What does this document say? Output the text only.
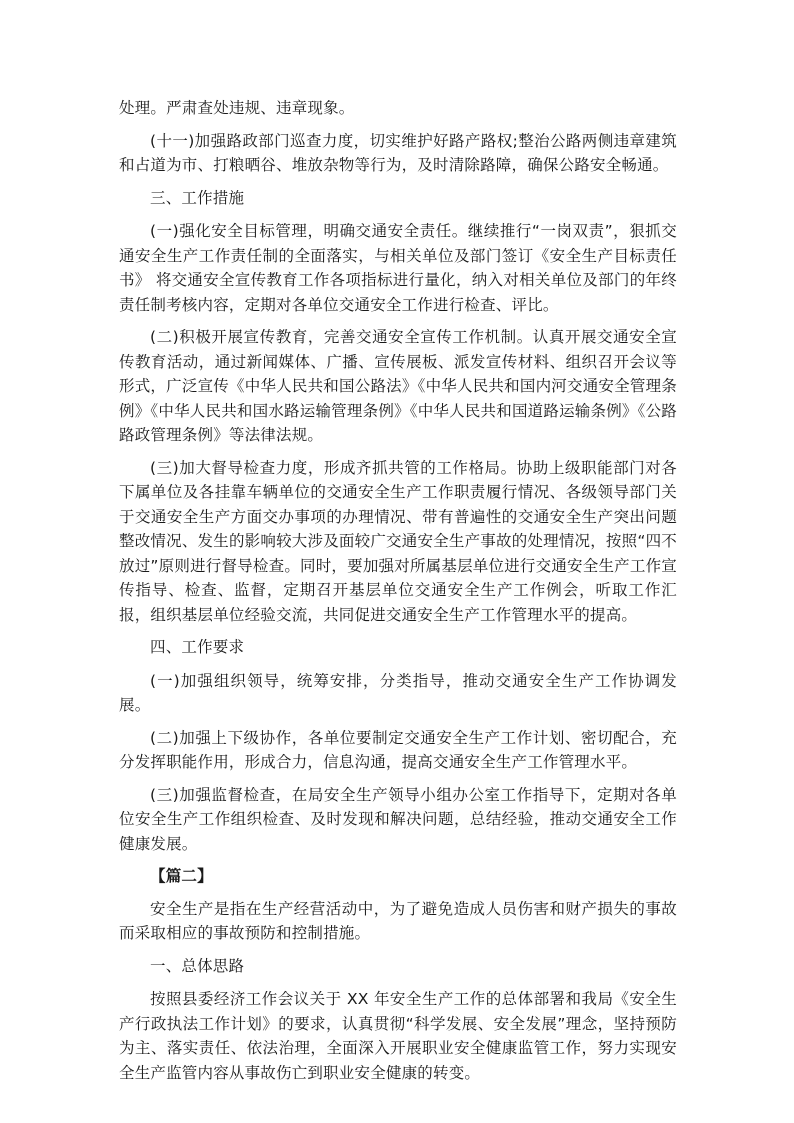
处理。严肃查处违规、违章现象。

(十一)加强路政部门巡查力度，切实维护好路产路权;整治公路两侧违章建筑和占道为市、打粮晒谷、堆放杂物等行为，及时清除路障，确保公路安全畅通。

三、工作措施

(一)强化安全目标管理，明确交通安全责任。继续推行“一岗双责”，狠抓交通安全生产工作责任制的全面落实，与相关单位及部门签订《安全生产目标责任书》 将交通安全宣传教育工作各项指标进行量化，纳入对相关单位及部门的年终责任制考核内容，定期对各单位交通安全工作进行检查、评比。

(二)积极开展宣传教育，完善交通安全宣传工作机制。认真开展交通安全宣传教育活动，通过新闻媒体、广播、宣传展板、派发宣传材料、组织召开会议等形式，广泛宣传《中华人民共和国公路法》《中华人民共和国内河交通安全管理条例》《中华人民共和国水路运输管理条例》《中华人民共和国道路运输条例》《公路路政管理条例》等法律法规。

(三)加大督导检查力度，形成齐抓共管的工作格局。协助上级职能部门对各下属单位及各挂靠车辆单位的交通安全生产工作职责履行情况、各级领导部门关于交通安全生产方面交办事项的办理情况、带有普遍性的交通安全生产突出问题整改情况、发生的影响较大涉及面较广交通安全生产事故的处理情况，按照“四不放过”原则进行督导检查。同时，要加强对所属基层单位进行交通安全生产工作宣传指导、检查、监督，定期召开基层单位交通安全生产工作例会，听取工作汇报，组织基层单位经验交流，共同促进交通安全生产工作管理水平的提高。

四、工作要求

(一)加强组织领导，统筹安排，分类指导，推动交通安全生产工作协调发展。

(二)加强上下级协作，各单位要制定交通安全生产工作计划、密切配合，充分发挥职能作用，形成合力，信息沟通，提高交通安全生产工作管理水平。

(三)加强监督检查，在局安全生产领导小组办公室工作指导下，定期对各单位安全生产工作组织检查、及时发现和解决问题，总结经验，推动交通安全工作健康发展。

【篇二】

安全生产是指在生产经营活动中，为了避免造成人员伤害和财产损失的事故而采取相应的事故预防和控制措施。

一、总体思路

按照县委经济工作会议关于 XX 年安全生产工作的总体部署和我局《安全生产行政执法工作计划》的要求，认真贯彻“科学发展、安全发展”理念，坚持预防为主、落实责任、依法治理，全面深入开展职业安全健康监管工作，努力实现安全生产监管内容从事故伤亡到职业安全健康的转变。
